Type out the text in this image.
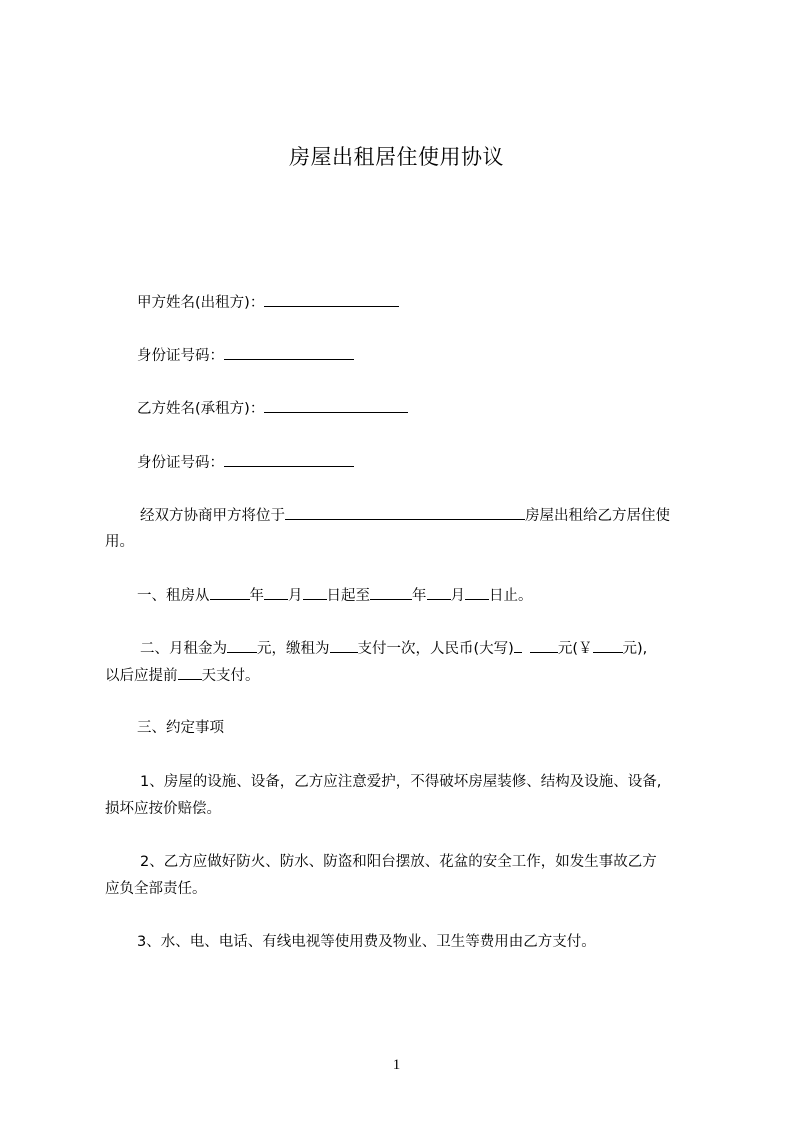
房屋出租居住使用协议
甲方姓名(出租方)：
身份证号码：
乙方姓名(承租方)：
身份证号码：
经双方协商甲方将位于	房屋出租给乙方居住使
用。
一、租房从	年 月 日起至	年 月 日止。
二、月租金为 元，缴租为 支付一次，人民币(大写)	元(￥ 元),
以后应提前 天支付。
三、约定事项
1、房屋的设施、设备，乙方应注意爱护，不得破坏房屋装修、结构及设施、设备,
损坏应按价赔偿。
2、乙方应做好防火、防水、防盗和阳台摆放、花盆的安全工作，如发生事故乙方
应负全部责任。
3、水、电、电话、有线电视等使用费及物业、卫生等费用由乙方支付。
1
